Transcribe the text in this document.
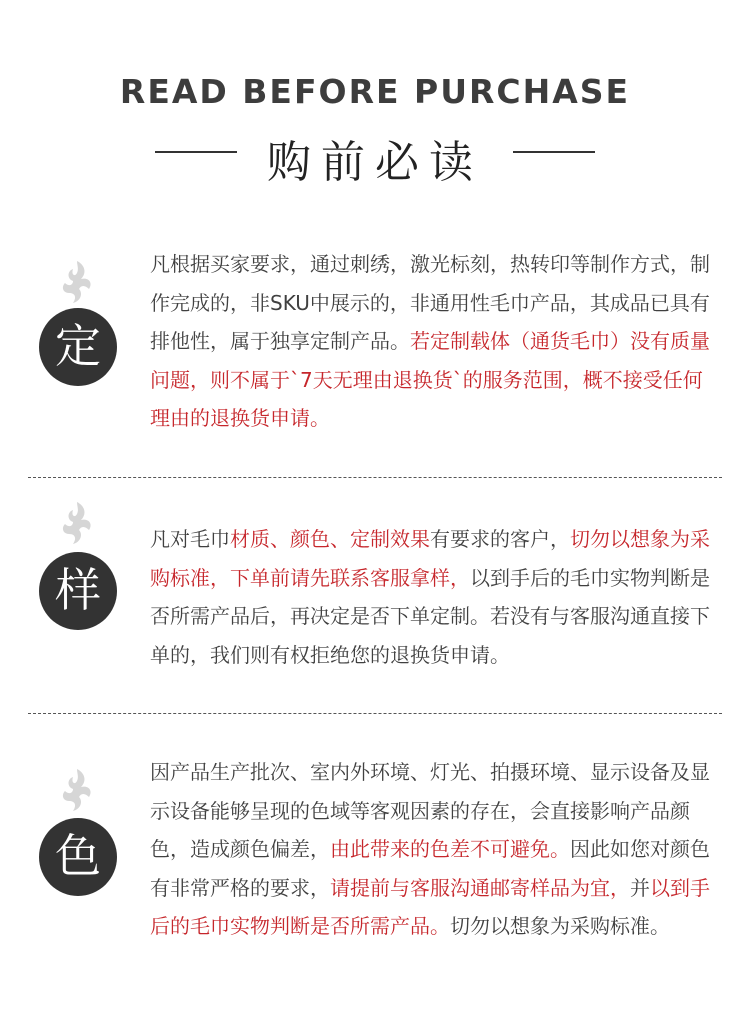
READ BEFORE PURCHASE
购前必读
定
凡根据买家要求，通过刺绣，激光标刻，热转印等制作方式，制作完成的，非SKU中展示的，非通用性毛巾产品，其成品已具有排他性，属于独享定制产品。若定制载体（通货毛巾）没有质量问题，则不属于`7天无理由退换货`的服务范围，概不接受任何理由的退换货申请。
样
凡对毛巾材质、颜色、定制效果有要求的客户，切勿以想象为采购标准，下单前请先联系客服拿样，以到手后的毛巾实物判断是否所需产品后，再决定是否下单定制。若没有与客服沟通直接下单的，我们则有权拒绝您的退换货申请。
色
因产品生产批次、室内外环境、灯光、拍摄环境、显示设备及显示设备能够呈现的色域等客观因素的存在，会直接影响产品颜色，造成颜色偏差，由此带来的色差不可避免。因此如您对颜色有非常严格的要求，请提前与客服沟通邮寄样品为宜，并以到手后的毛巾实物判断是否所需产品。切勿以想象为采购标准。
